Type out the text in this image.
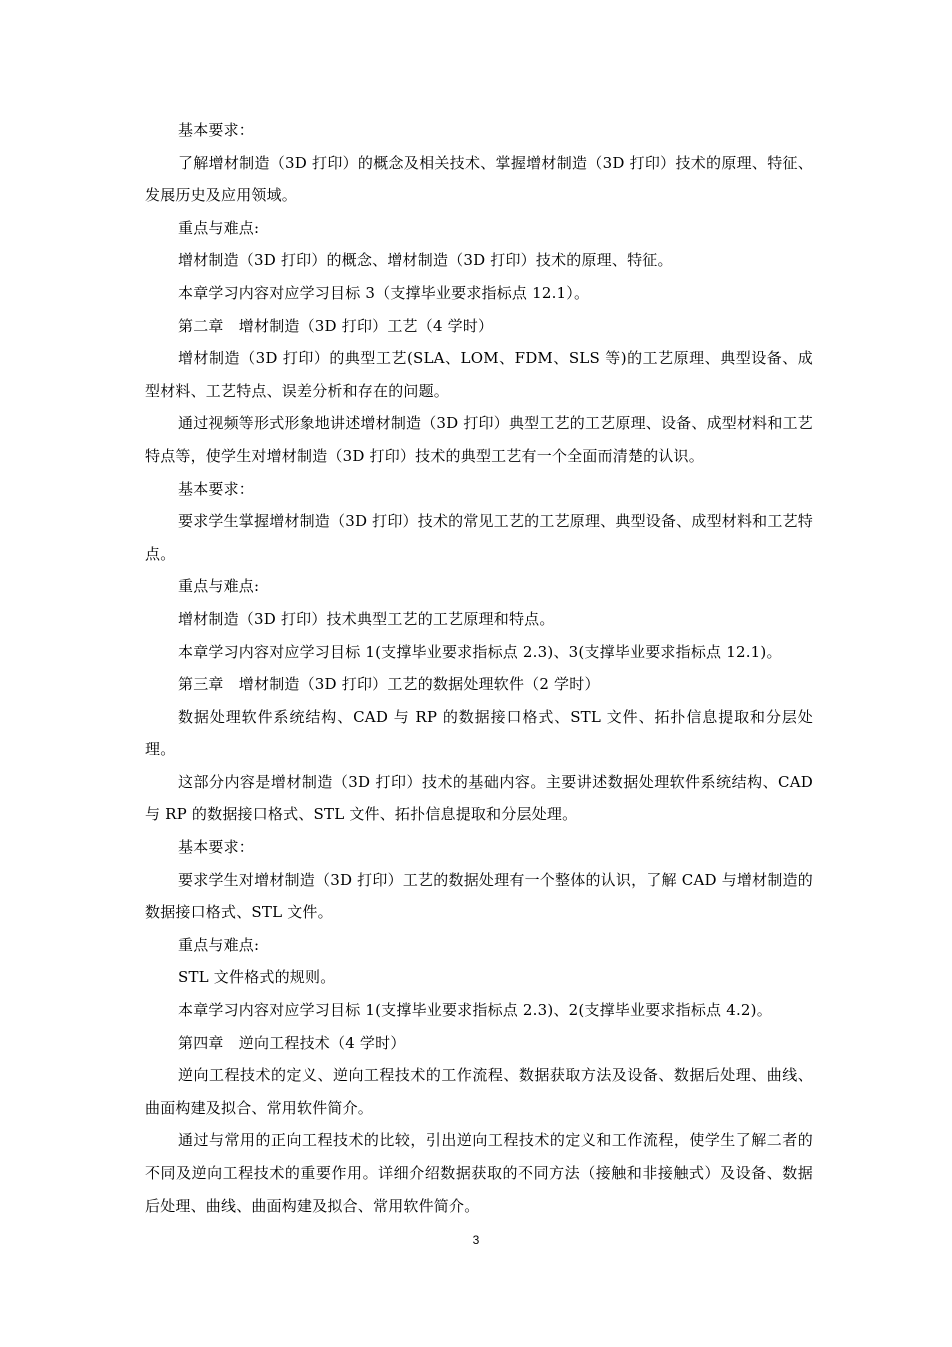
基本要求：

了解增材制造（3D 打印）的概念及相关技术、掌握增材制造（3D 打印）技术的原理、特征、发展历史及应用领域。

重点与难点:

增材制造（3D 打印）的概念、增材制造（3D 打印）技术的原理、特征。

本章学习内容对应学习目标 3（支撑毕业要求指标点 12.1）。

第二章　增材制造（3D 打印）工艺（4 学时）

增材制造（3D 打印）的典型工艺(SLA、LOM、FDM、SLS 等)的工艺原理、典型设备、成型材料、工艺特点、误差分析和存在的问题。

通过视频等形式形象地讲述增材制造（3D 打印）典型工艺的工艺原理、设备、成型材料和工艺特点等，使学生对增材制造（3D 打印）技术的典型工艺有一个全面而清楚的认识。

基本要求：

要求学生掌握增材制造（3D 打印）技术的常见工艺的工艺原理、典型设备、成型材料和工艺特点。

重点与难点:

增材制造（3D 打印）技术典型工艺的工艺原理和特点。

本章学习内容对应学习目标 1(支撑毕业要求指标点 2.3)、3(支撑毕业要求指标点 12.1)。

第三章　增材制造（3D 打印）工艺的数据处理软件（2 学时）

数据处理软件系统结构、CAD 与 RP 的数据接口格式、STL 文件、拓扑信息提取和分层处理。

这部分内容是增材制造（3D 打印）技术的基础内容。主要讲述数据处理软件系统结构、CAD 与 RP 的数据接口格式、STL 文件、拓扑信息提取和分层处理。

基本要求：

要求学生对增材制造（3D 打印）工艺的数据处理有一个整体的认识，了解 CAD 与增材制造的数据接口格式、STL 文件。

重点与难点:

STL 文件格式的规则。

本章学习内容对应学习目标 1(支撑毕业要求指标点 2.3)、2(支撑毕业要求指标点 4.2)。

第四章　逆向工程技术（4 学时）

逆向工程技术的定义、逆向工程技术的工作流程、数据获取方法及设备、数据后处理、曲线、曲面构建及拟合、常用软件简介。

通过与常用的正向工程技术的比较，引出逆向工程技术的定义和工作流程，使学生了解二者的不同及逆向工程技术的重要作用。详细介绍数据获取的不同方法（接触和非接触式）及设备、数据后处理、曲线、曲面构建及拟合、常用软件简介。

3
